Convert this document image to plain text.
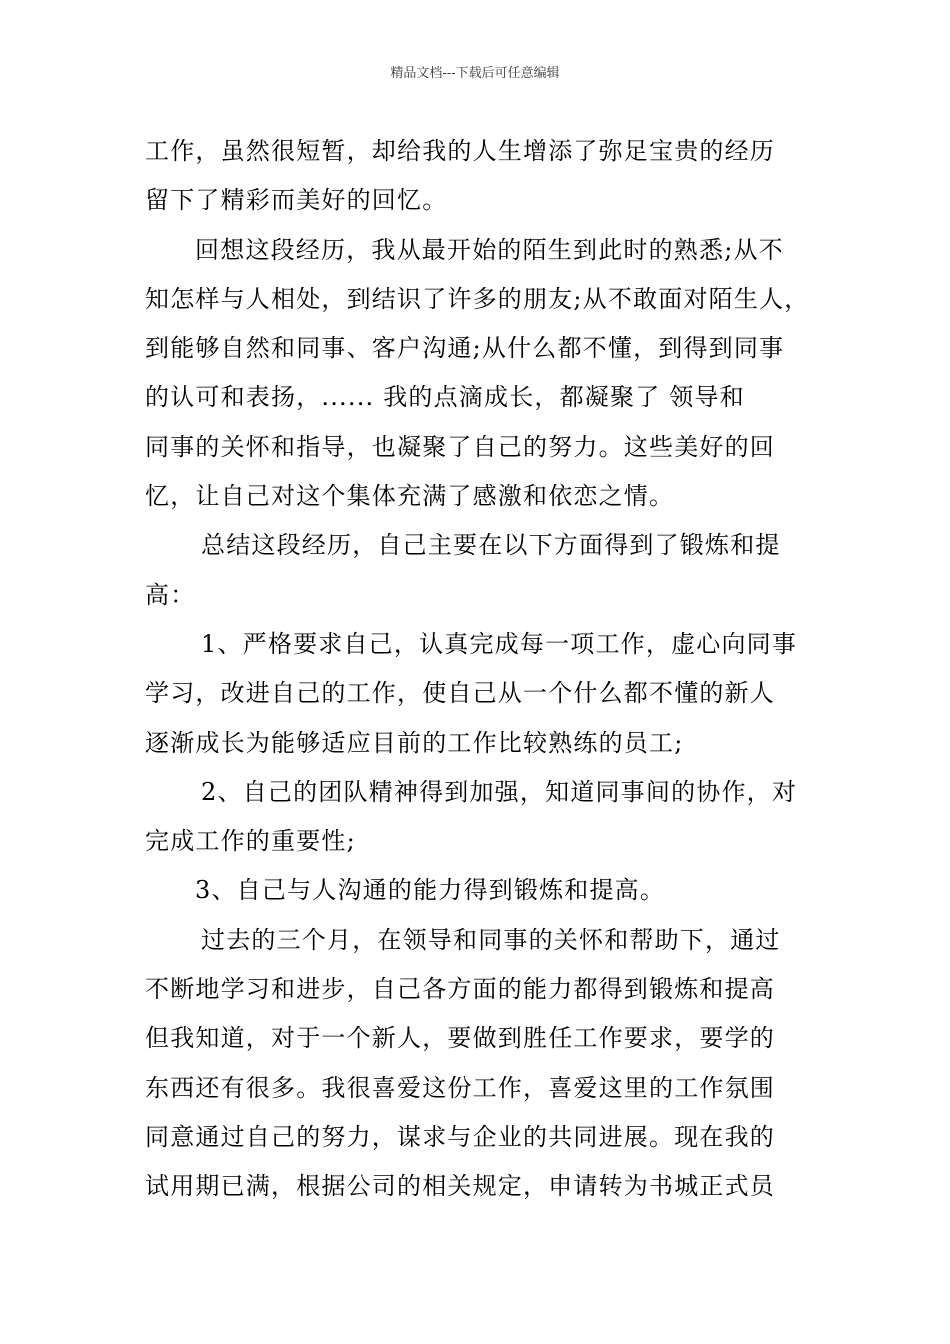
精品文档---下载后可任意编辑
工作，虽然很短暂，却给我的人生增添了弥足宝贵的经历
留下了精彩而美好的回忆。
回想这段经历，我从最开始的陌生到此时的熟悉;从不
知怎样与人相处，到结识了许多的朋友;从不敢面对陌生人，
到能够自然和同事、客户沟通;从什么都不懂，到得到同事
的认可和表扬，...... 我的点滴成长，都凝聚了 领导和
同事的关怀和指导，也凝聚了自己的努力。这些美好的回
忆，让自己对这个集体充满了感激和依恋之情。
总结这段经历，自己主要在以下方面得到了锻炼和提
高：
1、严格要求自己，认真完成每一项工作，虚心向同事
学习，改进自己的工作，使自己从一个什么都不懂的新人
逐渐成长为能够适应目前的工作比较熟练的员工;
2、自己的团队精神得到加强，知道同事间的协作，对
完成工作的重要性;
3、自己与人沟通的能力得到锻炼和提高。
过去的三个月，在领导和同事的关怀和帮助下，通过
不断地学习和进步，自己各方面的能力都得到锻炼和提高
但我知道，对于一个新人，要做到胜任工作要求，要学的
东西还有很多。我很喜爱这份工作，喜爱这里的工作氛围
同意通过自己的努力，谋求与企业的共同进展。现在我的
试用期已满，根据公司的相关规定，申请转为书城正式员
